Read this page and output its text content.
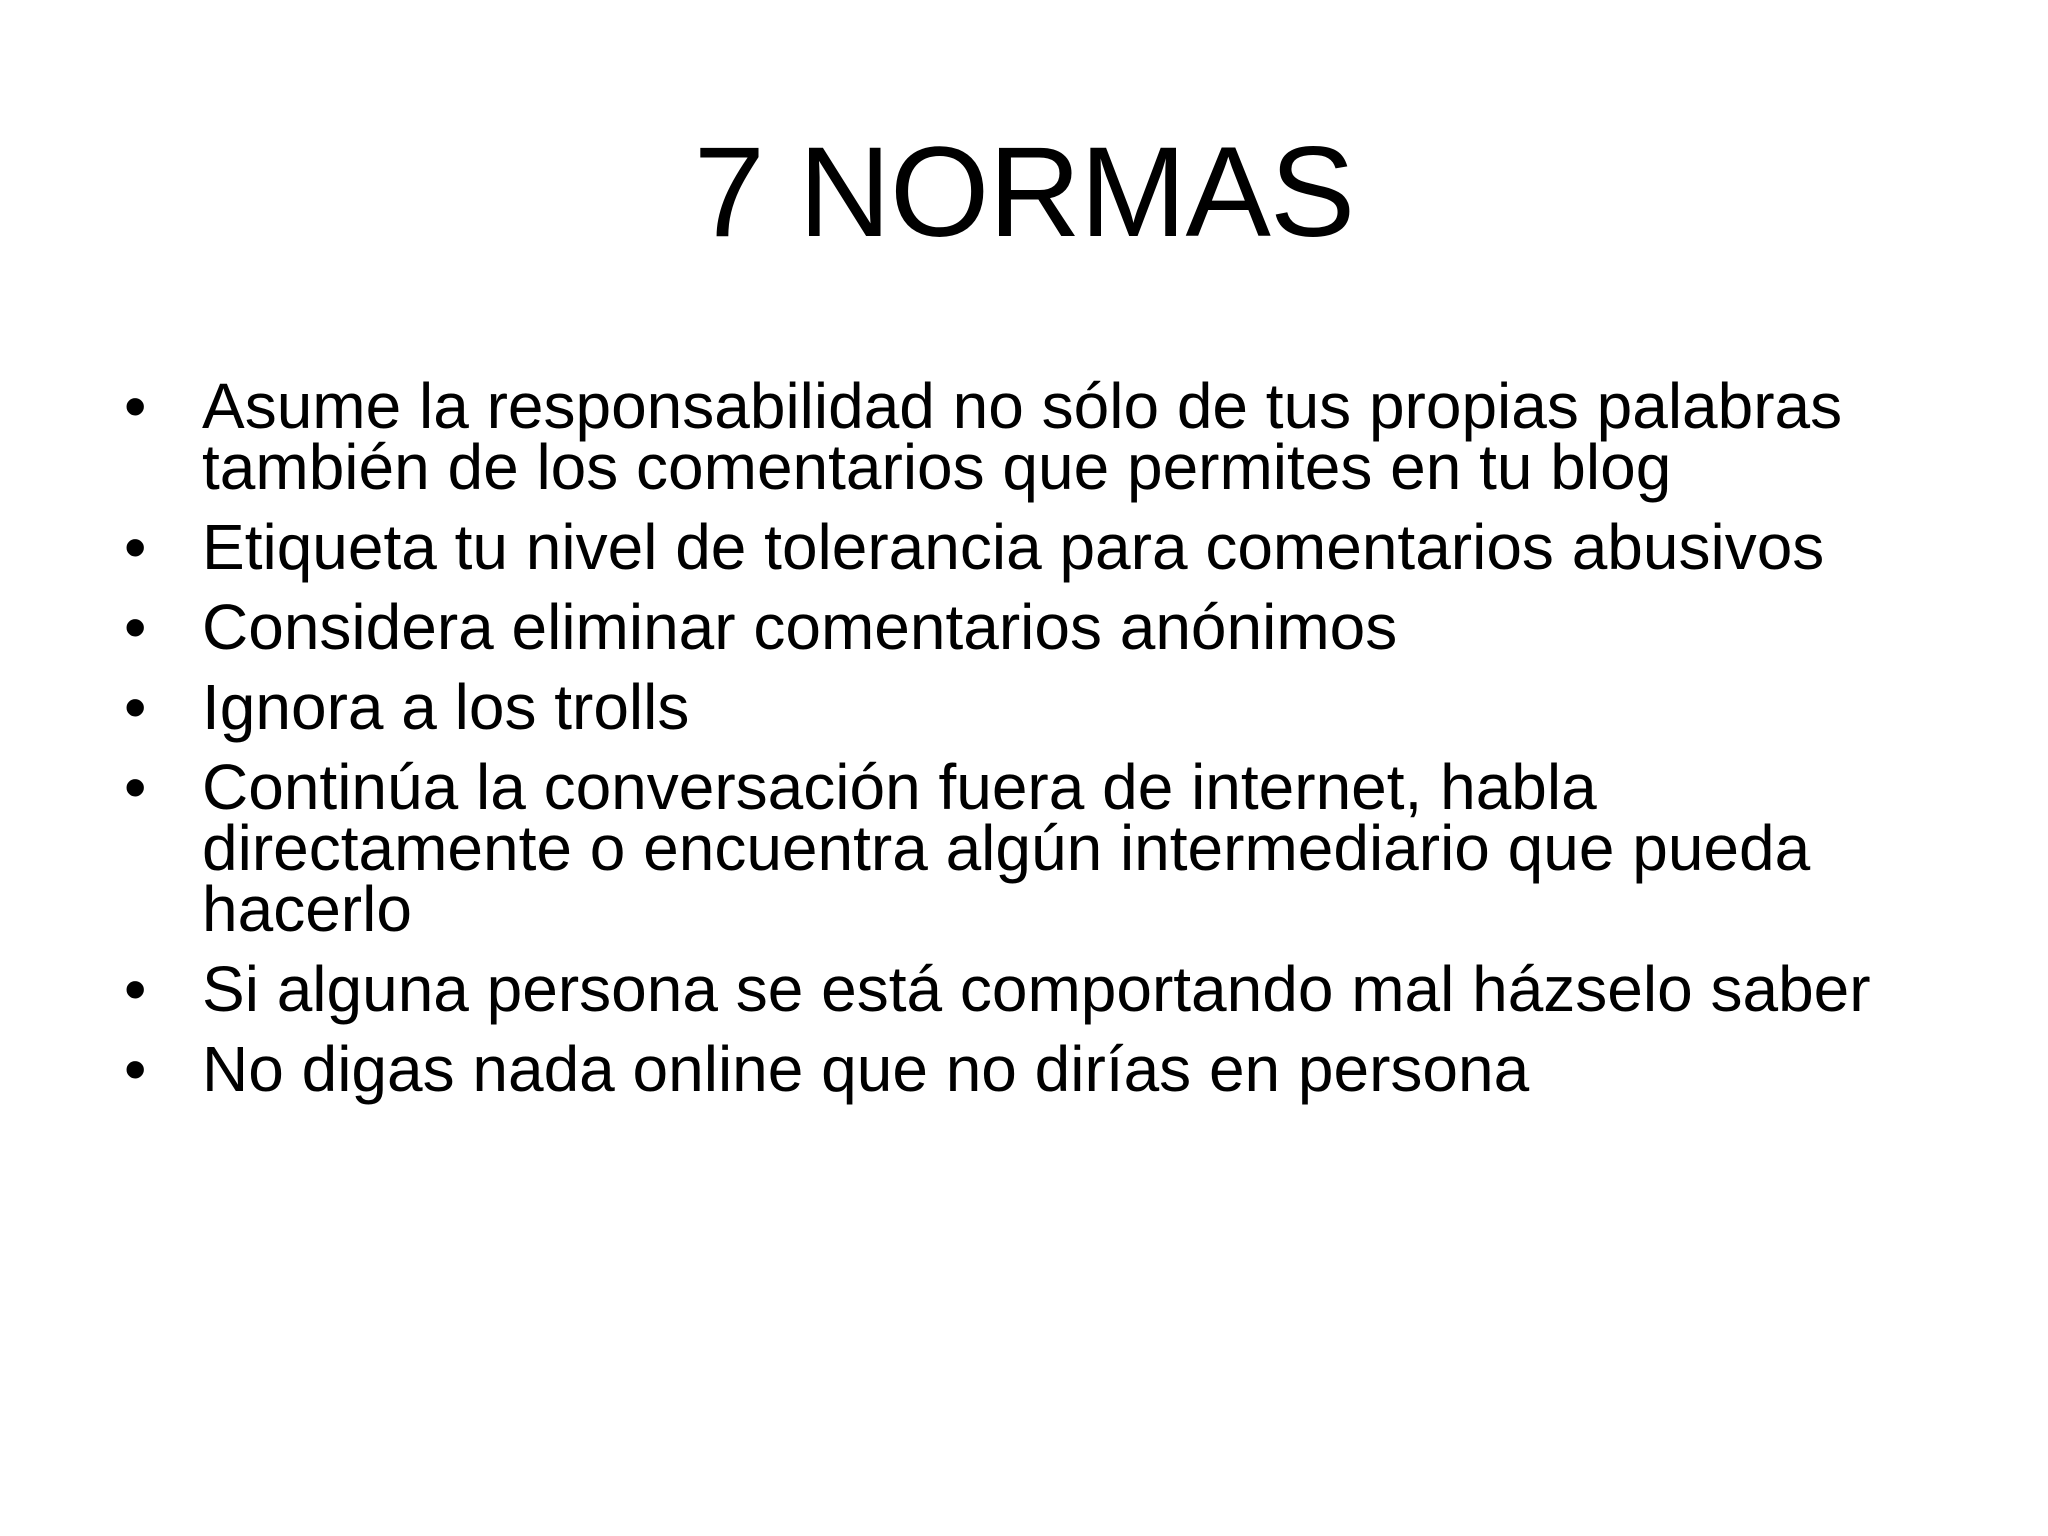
7 NORMAS
• Asume la responsabilidad no sólo de tus propias palabras también de los comentarios que permites en tu blog
• Etiqueta tu nivel de tolerancia para comentarios abusivos
• Considera eliminar comentarios anónimos
• Ignora a los trolls
• Continúa la conversación fuera de internet, habla directamente o encuentra algún intermediario que pueda hacerlo
• Si alguna persona se está comportando mal házselo saber
• No digas nada online que no dirías en persona
